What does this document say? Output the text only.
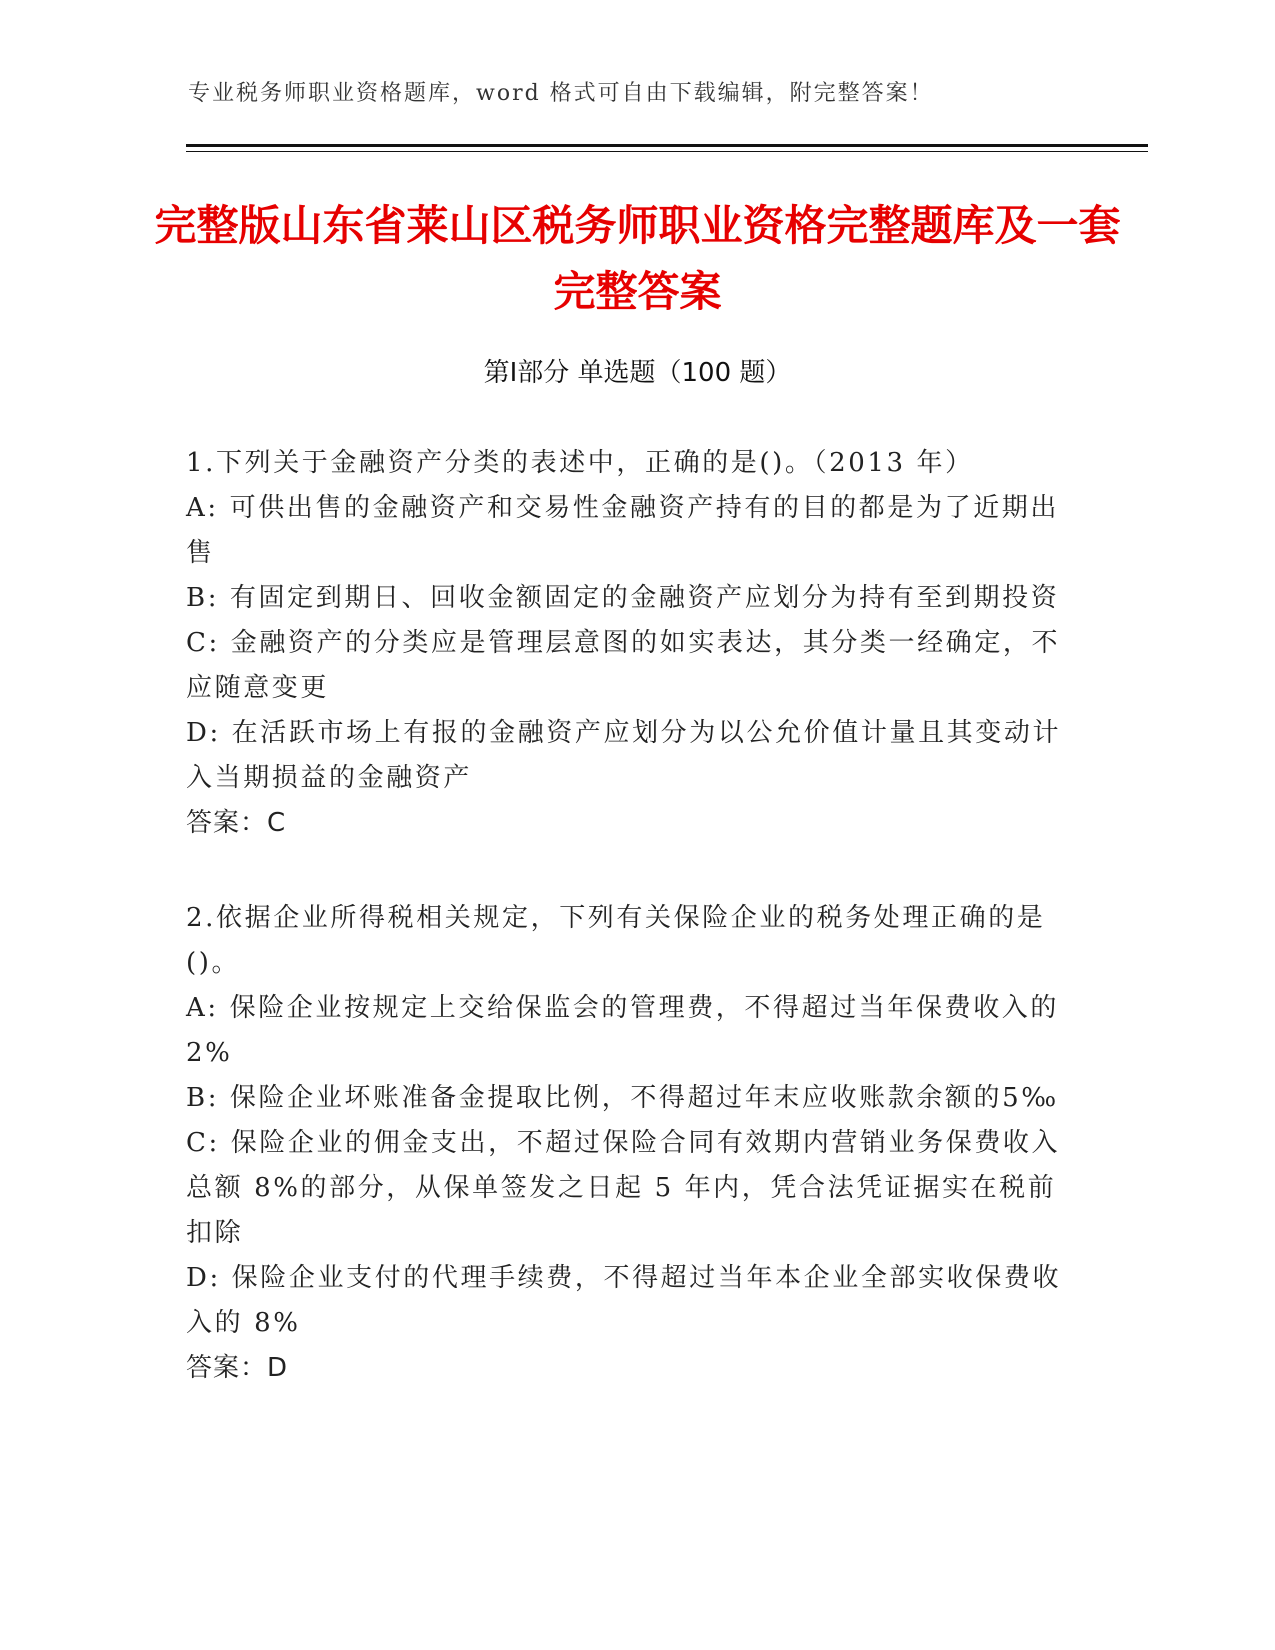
专业税务师职业资格题库，word 格式可自由下载编辑，附完整答案！
完整版山东省莱山区税务师职业资格完整题库及一套完整答案
第Ⅰ部分 单选题（100 题）

1.下列关于金融资产分类的表述中，正确的是()。（2013 年）

A: 可供出售的金融资产和交易性金融资产持有的目的都是为了近期出售

B: 有固定到期日、回收金额固定的金融资产应划分为持有至到期投资

C: 金融资产的分类应是管理层意图的如实表达，其分类一经确定，不应随意变更

D: 在活跃市场上有报的金融资产应划分为以公允价值计量且其变动计入当期损益的金融资产

答案：C

2.依据企业所得税相关规定，下列有关保险企业的税务处理正确的是()。

A: 保险企业按规定上交给保监会的管理费，不得超过当年保费收入的2%

B: 保险企业坏账准备金提取比例，不得超过年末应收账款余额的5‰

C: 保险企业的佣金支出，不超过保险合同有效期内营销业务保费收入总额 8%的部分，从保单签发之日起 5 年内，凭合法凭证据实在税前扣除

D: 保险企业支付的代理手续费，不得超过当年本企业全部实收保费收入的 8%

答案：D
